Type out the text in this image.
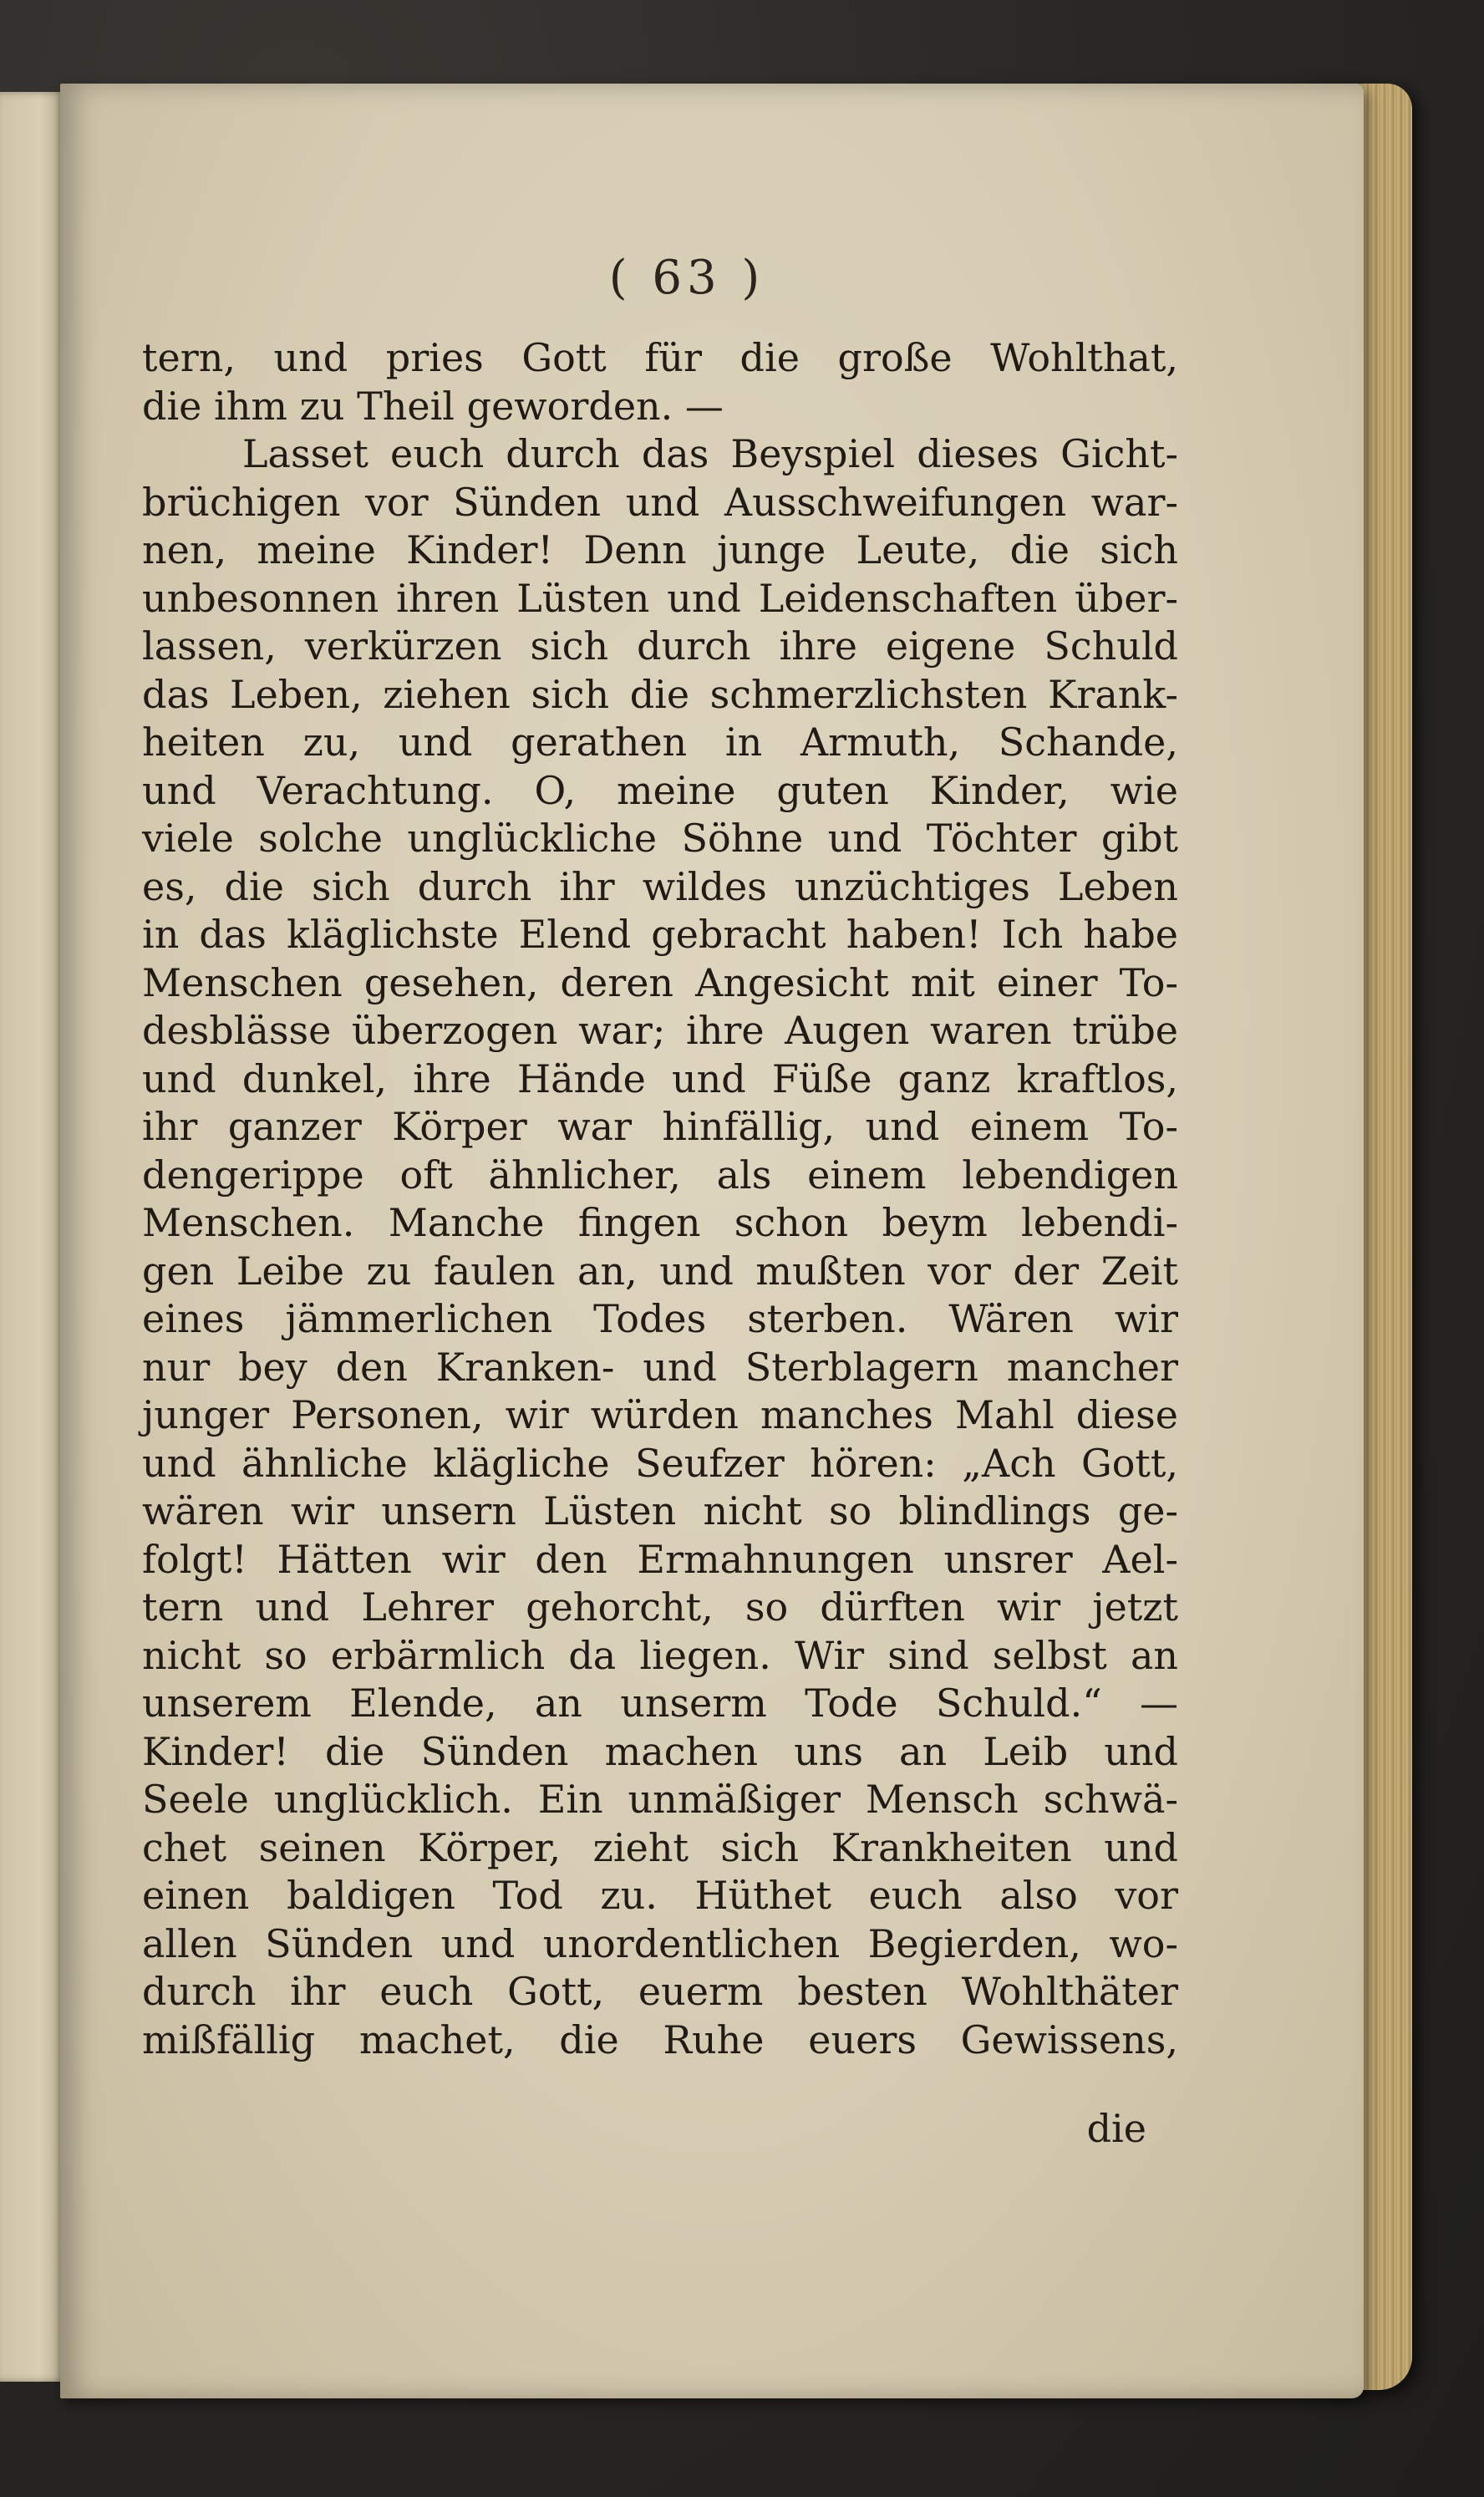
( 63 )
tern, und pries Gott für die große Wohlthat,
die ihm zu Theil geworden. —
Lasset euch durch das Beyspiel dieses Gicht-
brüchigen vor Sünden und Ausschweifungen war-
nen, meine Kinder! Denn junge Leute, die sich
unbesonnen ihren Lüsten und Leidenschaften über-
lassen, verkürzen sich durch ihre eigene Schuld
das Leben, ziehen sich die schmerzlichsten Krank-
heiten zu, und gerathen in Armuth, Schande,
und Verachtung. O, meine guten Kinder, wie
viele solche unglückliche Söhne und Töchter gibt
es, die sich durch ihr wildes unzüchtiges Leben
in das kläglichste Elend gebracht haben! Ich habe
Menschen gesehen, deren Angesicht mit einer To-
desblässe überzogen war; ihre Augen waren trübe
und dunkel, ihre Hände und Füße ganz kraftlos,
ihr ganzer Körper war hinfällig, und einem To-
dengerippe oft ähnlicher, als einem lebendigen
Menschen. Manche fingen schon beym lebendi-
gen Leibe zu faulen an, und mußten vor der Zeit
eines jämmerlichen Todes sterben. Wären wir
nur bey den Kranken- und Sterblagern mancher
junger Personen, wir würden manches Mahl diese
und ähnliche klägliche Seufzer hören: „Ach Gott,
wären wir unsern Lüsten nicht so blindlings ge-
folgt! Hätten wir den Ermahnungen unsrer Ael-
tern und Lehrer gehorcht, so dürften wir jetzt
nicht so erbärmlich da liegen. Wir sind selbst an
unserem Elende, an unserm Tode Schuld.“ —
Kinder! die Sünden machen uns an Leib und
Seele unglücklich. Ein unmäßiger Mensch schwä-
chet seinen Körper, zieht sich Krankheiten und
einen baldigen Tod zu. Hüthet euch also vor
allen Sünden und unordentlichen Begierden, wo-
durch ihr euch Gott, euerm besten Wohlthäter
mißfällig machet, die Ruhe euers Gewissens,
die
